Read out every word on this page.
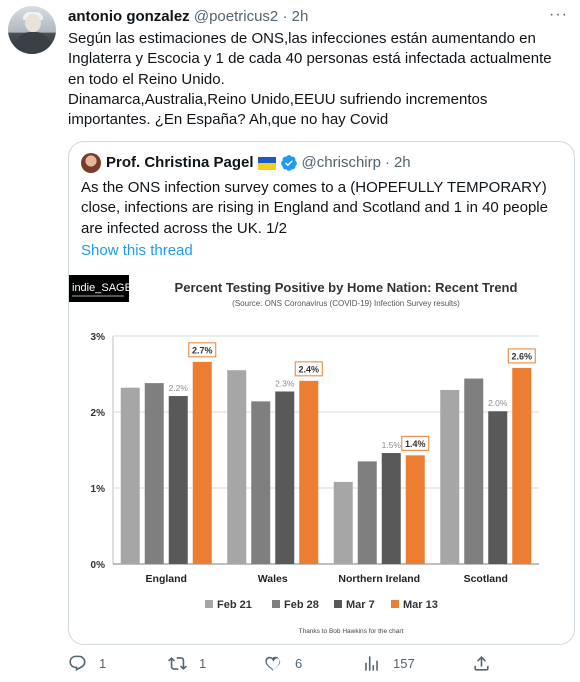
antonio gonzalez @poetricus2 · 2h	···

Según las estimaciones de ONS,las infecciones están aumentando en Inglaterra y Escocia y 1 de cada 40 personas está infectada actualmente en todo el Reino Unido.

Dinamarca,Australia,Reino Unido,EEUU sufriendo incrementos importantes. ¿En España? Ah,que no hay Covid

Prof. Christina Pagel	@chrischirp · 2h
As the ONS infection survey comes to a (HOPEFULLY TEMPORARY) close, infections are rising in England and Scotland and 1 in 40 people are infected across the UK. 1/2
Show this thread
indie_SAGE	Percent Testing Positive by Home Nation: Recent Trend
(Source: ONS Coronavirus (COVID-19) Infection Survey results)
0%
1%
2%
3%
2.2%
2.7%
England
2.3%
2.4%
Wales
1.5% 1.4%
Northern Ireland
2.0%
2.6%
Scotland
Feb 21	Feb 28 Mar 7	Mar 13
Thanks to Bob Hawkins for the chart
1	1	6	157
